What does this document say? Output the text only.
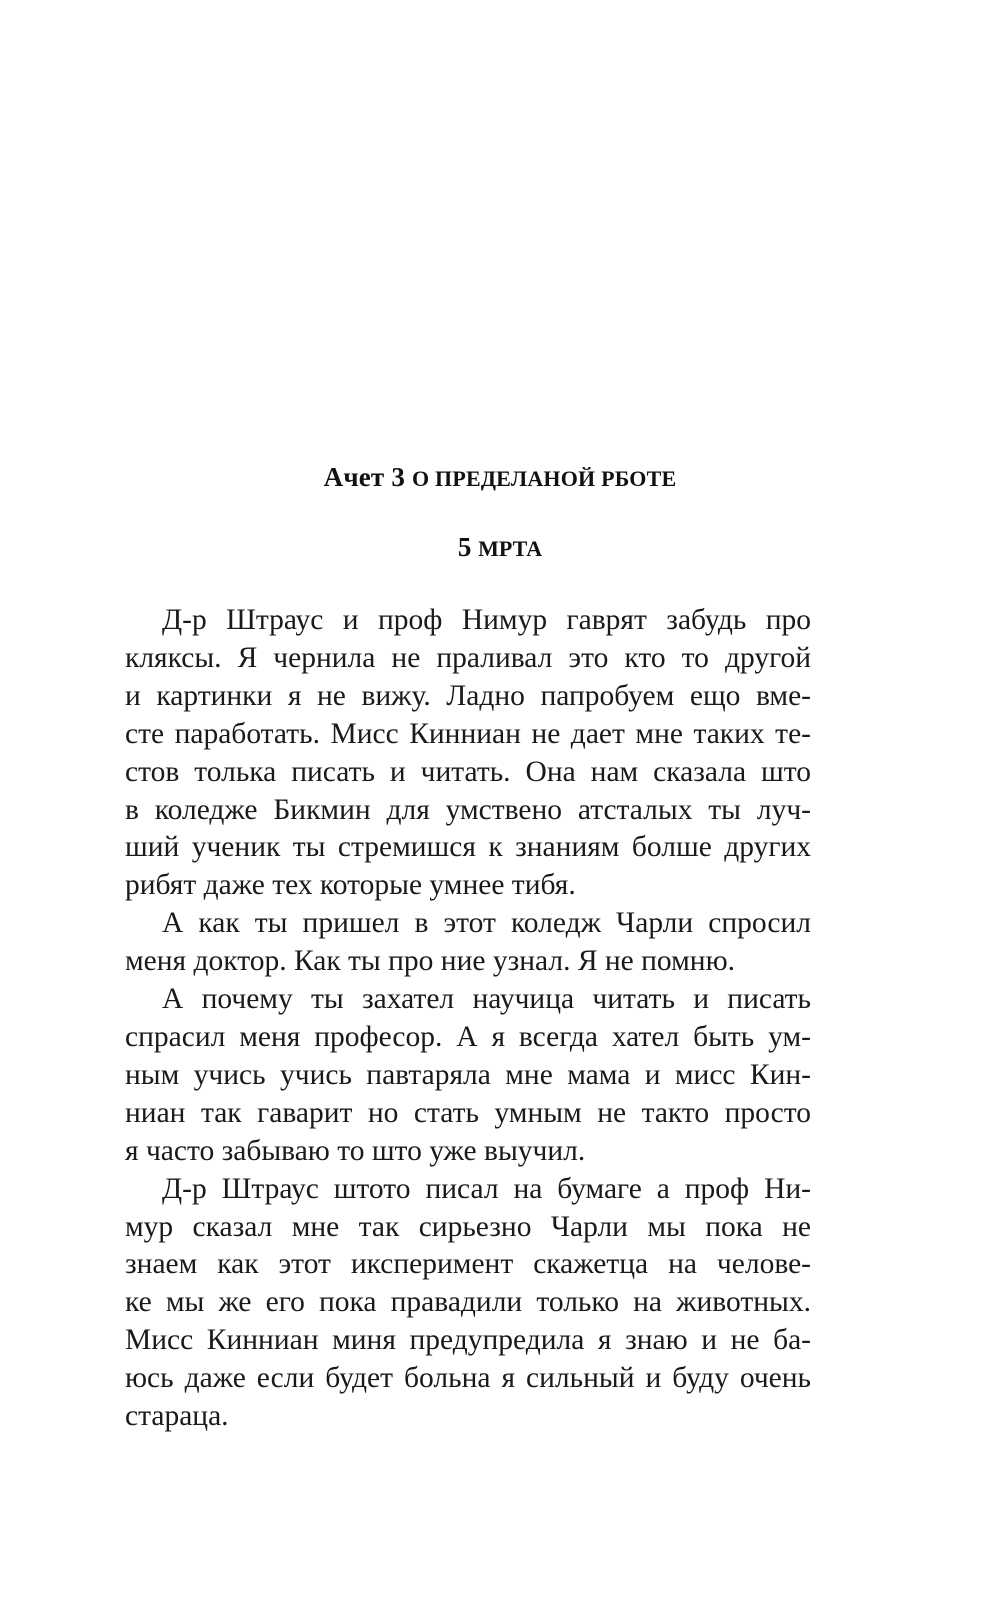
Ачет 3 О ПРЕДЕЛАНОЙ РБОТЕ
5 МРТА
Д-р Штраус и проф Нимур гаврят забудь про
кляксы. Я чернила не праливал это кто то другой
и картинки я не вижу. Ладно папробуем ещо вме-
сте паработать. Мисс Кинниан не дает мне таких те-
стов толька писать и читать. Она нам сказала што
в коледже Бикмин для умствено атсталых ты луч-
ший ученик ты стремишся к знаниям болше других
рибят даже тех которые умнее тибя.
А как ты пришел в этот коледж Чарли спросил
меня доктор. Как ты про ние узнал. Я не помню.
А почему ты захател научица читать и писать
спрасил меня професор. А я всегда хател быть ум-
ным учись учись павтаряла мне мама и мисс Кин-
ниан так гаварит но стать умным не такто просто
я часто забываю то што уже выучил.
Д-р Штраус штото писал на бумаге а проф Ни-
мур сказал мне так сирьезно Чарли мы пока не
знаем как этот иксперимент скажетца на челове-
ке мы же его пока правадили только на животных.
Мисс Кинниан миня предупредила я знаю и не ба-
юсь даже если будет больна я сильный и буду очень
стараца.
